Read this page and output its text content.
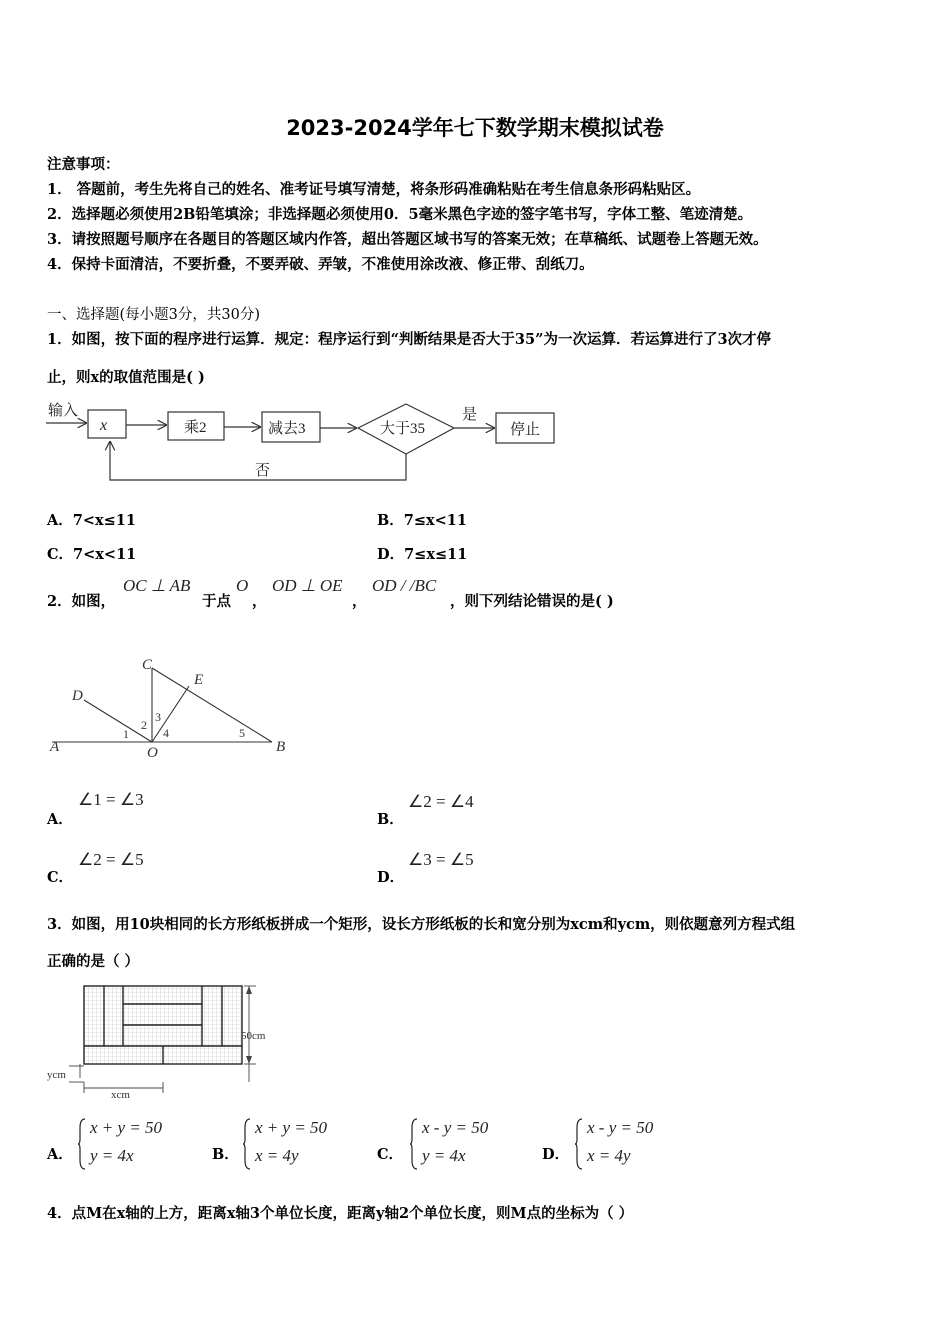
2023-2024学年七下数学期末模拟试卷
注意事项：
1． 答题前，考生先将自己的姓名、准考证号填写清楚，将条形码准确粘贴在考生信息条形码粘贴区。
2．选择题必须使用2B铅笔填涂；非选择题必须使用0．5毫米黑色字迹的签字笔书写，字体工整、笔迹清楚。
3．请按照题号顺序在各题目的答题区域内作答，超出答题区域书写的答案无效；在草稿纸、试题卷上答题无效。
4．保持卡面清洁，不要折叠，不要弄破、弄皱，不准使用涂改液、修正带、刮纸刀。
一、选择题(每小题3分，共30分)
1．如图，按下面的程序进行运算．规定：程序运行到“判断结果是否大于35”为一次运算．若运算进行了3次才停
止，则x的取值范围是( )
输入
x	乘2	减去3	大于35
是
停止
否
A．7<x≤11	B．7≤x<11
C．7<x<11	D．7≤x≤11
2．如图，
OC ⊥ AB
于点
O
，
OD ⊥ OE
，
OD / /BC
，则下列结论错误的是( )
A	B
C
D
E
O
1
2
3
4	5
A．
∠1 = ∠3
B．
∠2 = ∠4
C．
∠2 = ∠5
D．
∠3 = ∠5
3．如图，用10块相同的长方形纸板拼成一个矩形，设长方形纸板的长和宽分别为xcm和ycm，则依题意列方程式组
正确的是（ ）
50cm
ycm
xcm
A．
x + y = 50
y = 4x	B．
x + y = 50
x = 4y	C．
x - y = 50
y = 4x	D．
x - y = 50
x = 4y
4．点M在x轴的上方，距离x轴3个单位长度，距离y轴2个单位长度，则M点的坐标为（ ）
